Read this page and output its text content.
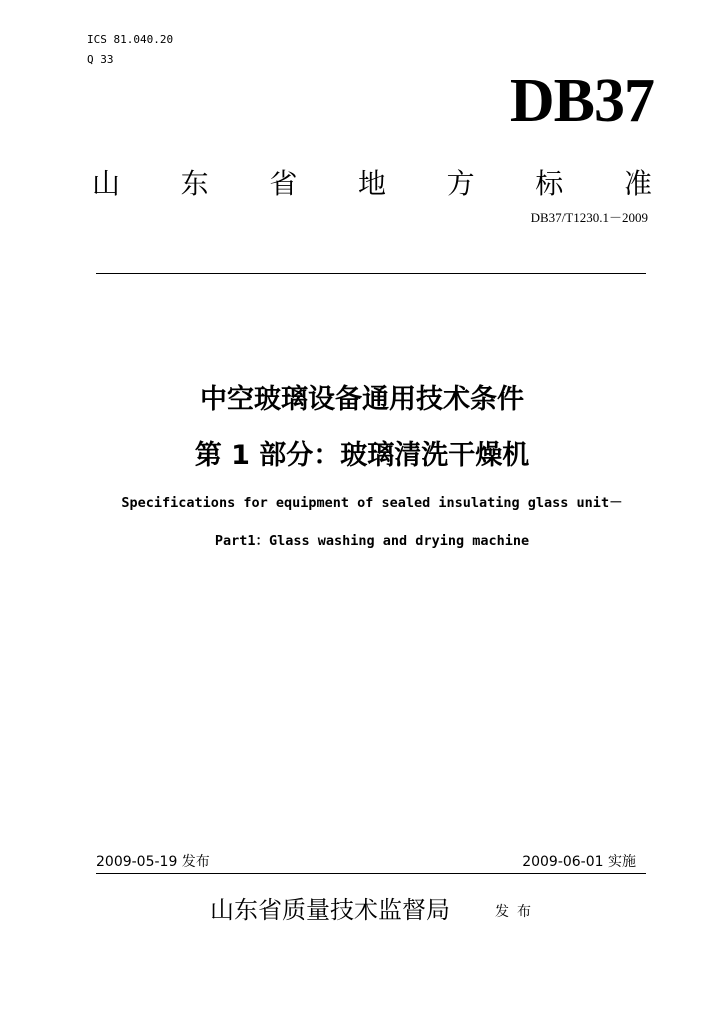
ICS 81.040.20
Q 33
DB37
山 东 省 地 方 标 准
DB37/T1230.1－2009
中空玻璃设备通用技术条件
第 1 部分：玻璃清洗干燥机
Specifications for equipment of sealed insulating glass unit－
Part1：Glass washing and drying machine
2009-05-19 发布	2009-06-01 实施
山东省质量技术监督局	发布
